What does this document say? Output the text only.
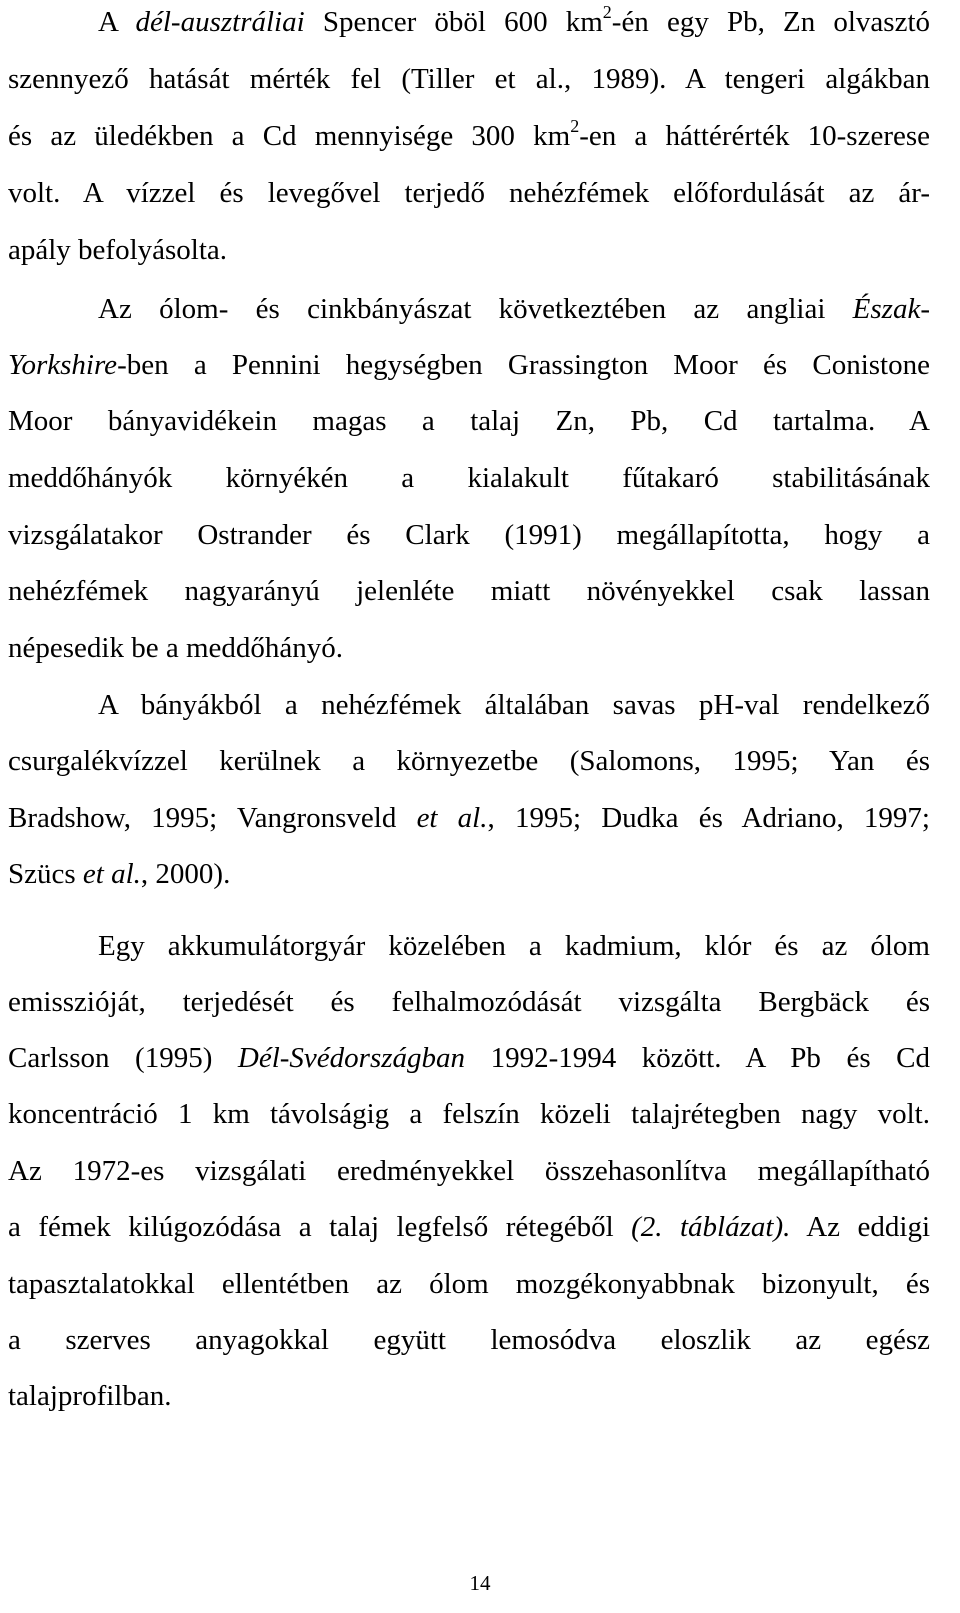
A dél-ausztráliai Spencer öböl 600 $km^2-én$ egy Pb, Zn olvasztó
szennyező hatását mérték fel (Tiller et al., 1989). A tengeri algákban
és az üledékben a Cd mennyisége 300 $km^2-en$ a háttérérték 10-szerese
volt. A vízzel és levegővel terjedő nehézfémek előfordulását az ár-
apály befolyásolta.
Az ólom- és cinkbányászat következtében az angliai Észak-
Yorkshire-ben a Pennini hegységben Grassington Moor és Conistone
Moor bányavidékein magas a talaj Zn, Pb, Cd tartalma. A
meddőhányók környékén a kialakult fűtakaró stabilitásának
vizsgálatakor Ostrander és Clark (1991) megállapította, hogy a
nehézfémek nagyarányú jelenléte miatt növényekkel csak lassan
népesedik be a meddőhányó.
A bányákból a nehézfémek általában savas pH-val rendelkező
csurgalékvízzel kerülnek a környezetbe (Salomons, 1995; Yan és
Bradshow, 1995; Vangronsveld et al., 1995; Dudka és Adriano, 1997;
Szücs et al., 2000).
Egy akkumulátorgyár közelében a kadmium, klór és az ólom
emisszióját, terjedését és felhalmozódását vizsgálta Bergbäck és
Carlsson (1995) Dél-Svédországban 1992-1994 között. A Pb és Cd
koncentráció 1 km távolságig a felszín közeli talajrétegben nagy volt.
Az 1972-es vizsgálati eredményekkel összehasonlítva megállapítható
a fémek kilúgozódása a talaj legfelső rétegéből (2. táblázat). Az eddigi
tapasztalatokkal ellentétben az ólom mozgékonyabbnak bizonyult, és
a szerves anyagokkal együtt lemosódva eloszlik az egész
talajprofilban.
14
